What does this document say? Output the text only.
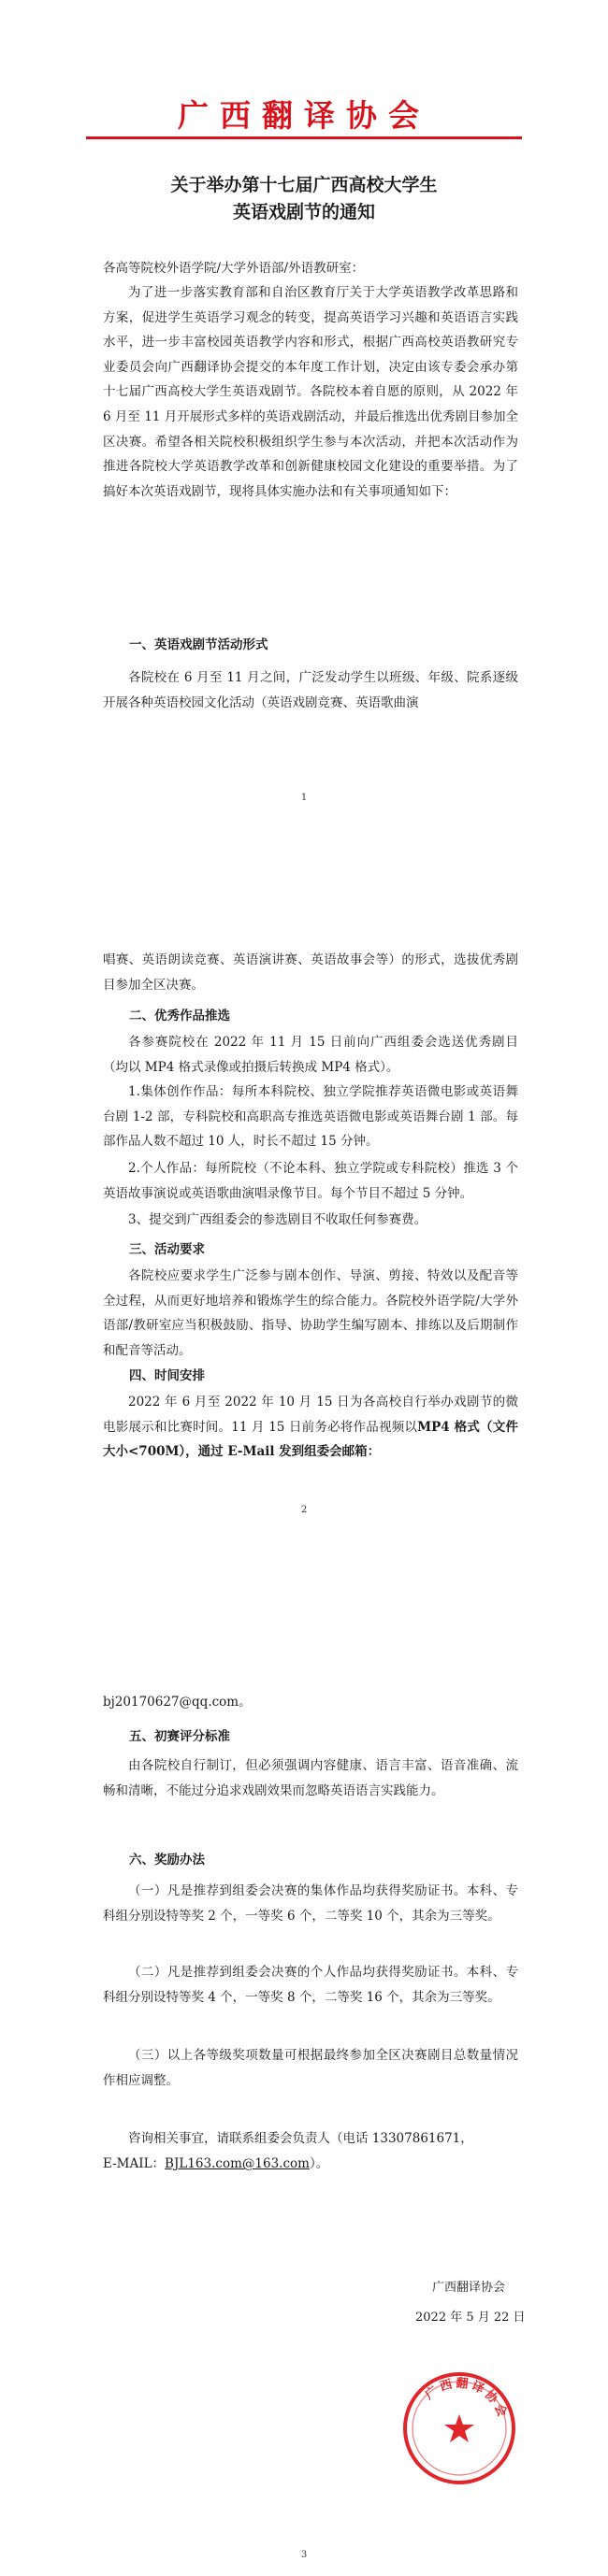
广西翻译协会
关于举办第十七届广西高校大学生
英语戏剧节的通知
各高等院校外语学院/大学外语部/外语教研室：
为了进一步落实教育部和自治区教育厅关于大学英语教学改革思路和方案，促进学生英语学习观念的转变，提高英语学习兴趣和英语语言实践水平，进一步丰富校园英语教学内容和形式，根据广西高校英语教研究专业委员会向广西翻译协会提交的本年度工作计划，决定由该专委会承办第十七届广西高校大学生英语戏剧节。各院校本着自愿的原则，从 2022 年 6 月至 11 月开展形式多样的英语戏剧活动，并最后推选出优秀剧目参加全区决赛。希望各相关院校积极组织学生参与本次活动，并把本次活动作为推进各院校大学英语教学改革和创新健康校园文化建设的重要举措。为了搞好本次英语戏剧节，现将具体实施办法和有关事项通知如下：
一、英语戏剧节活动形式
各院校在 6 月至 11 月之间，广泛发动学生以班级、年级、院系逐级开展各种英语校园文化活动（英语戏剧竞赛、英语歌曲演
1
唱赛、英语朗读竞赛、英语演讲赛、英语故事会等）的形式，选拔优秀剧目参加全区决赛。
二、优秀作品推选
各参赛院校在 2022 年 11 月 15 日前向广西组委会选送优秀剧目（均以 MP4 格式录像或拍摄后转换成 MP4 格式）。
1.集体创作作品：每所本科院校、独立学院推荐英语微电影或英语舞台剧 1-2 部，专科院校和高职高专推选英语微电影或英语舞台剧 1 部。每部作品人数不超过 10 人，时长不超过 15 分钟。
2.个人作品：每所院校（不论本科、独立学院或专科院校）推选 3 个英语故事演说或英语歌曲演唱录像节目。每个节目不超过 5 分钟。
3、提交到广西组委会的参选剧目不收取任何参赛费。
三、活动要求
各院校应要求学生广泛参与剧本创作、导演、剪接、特效以及配音等全过程，从而更好地培养和锻炼学生的综合能力。各院校外语学院/大学外语部/教研室应当积极鼓励、指导、协助学生编写剧本、排练以及后期制作和配音等活动。
四、时间安排
2022 年 6 月至 2022 年 10 月 15 日为各高校自行举办戏剧节的微电影展示和比赛时间。11 月 15 日前务必将作品视频以MP4 格式（文件大小<700M），通过 E-Mail 发到组委会邮箱：
2
bj20170627@qq.com。
五、初赛评分标准
由各院校自行制订，但必须强调内容健康、语言丰富、语音准确、流畅和清晰，不能过分追求戏剧效果而忽略英语语言实践能力。
六、奖励办法
（一）凡是推荐到组委会决赛的集体作品均获得奖励证书。本科、专科组分别设特等奖 2 个，一等奖 6 个，二等奖 10 个，其余为三等奖。
（二）凡是推荐到组委会决赛的个人作品均获得奖励证书。本科、专科组分别设特等奖 4 个，一等奖 8 个，二等奖 16 个，其余为三等奖。
（三）以上各等级奖项数量可根据最终参加全区决赛剧目总数量情况作相应调整。
咨询相关事宜，请联系组委会负责人（电话 13307861671，
E-MAIL：BJL163.com@163.com）。
广西翻译协会
广西翻译协会
2022 年 5 月 22 日
3
